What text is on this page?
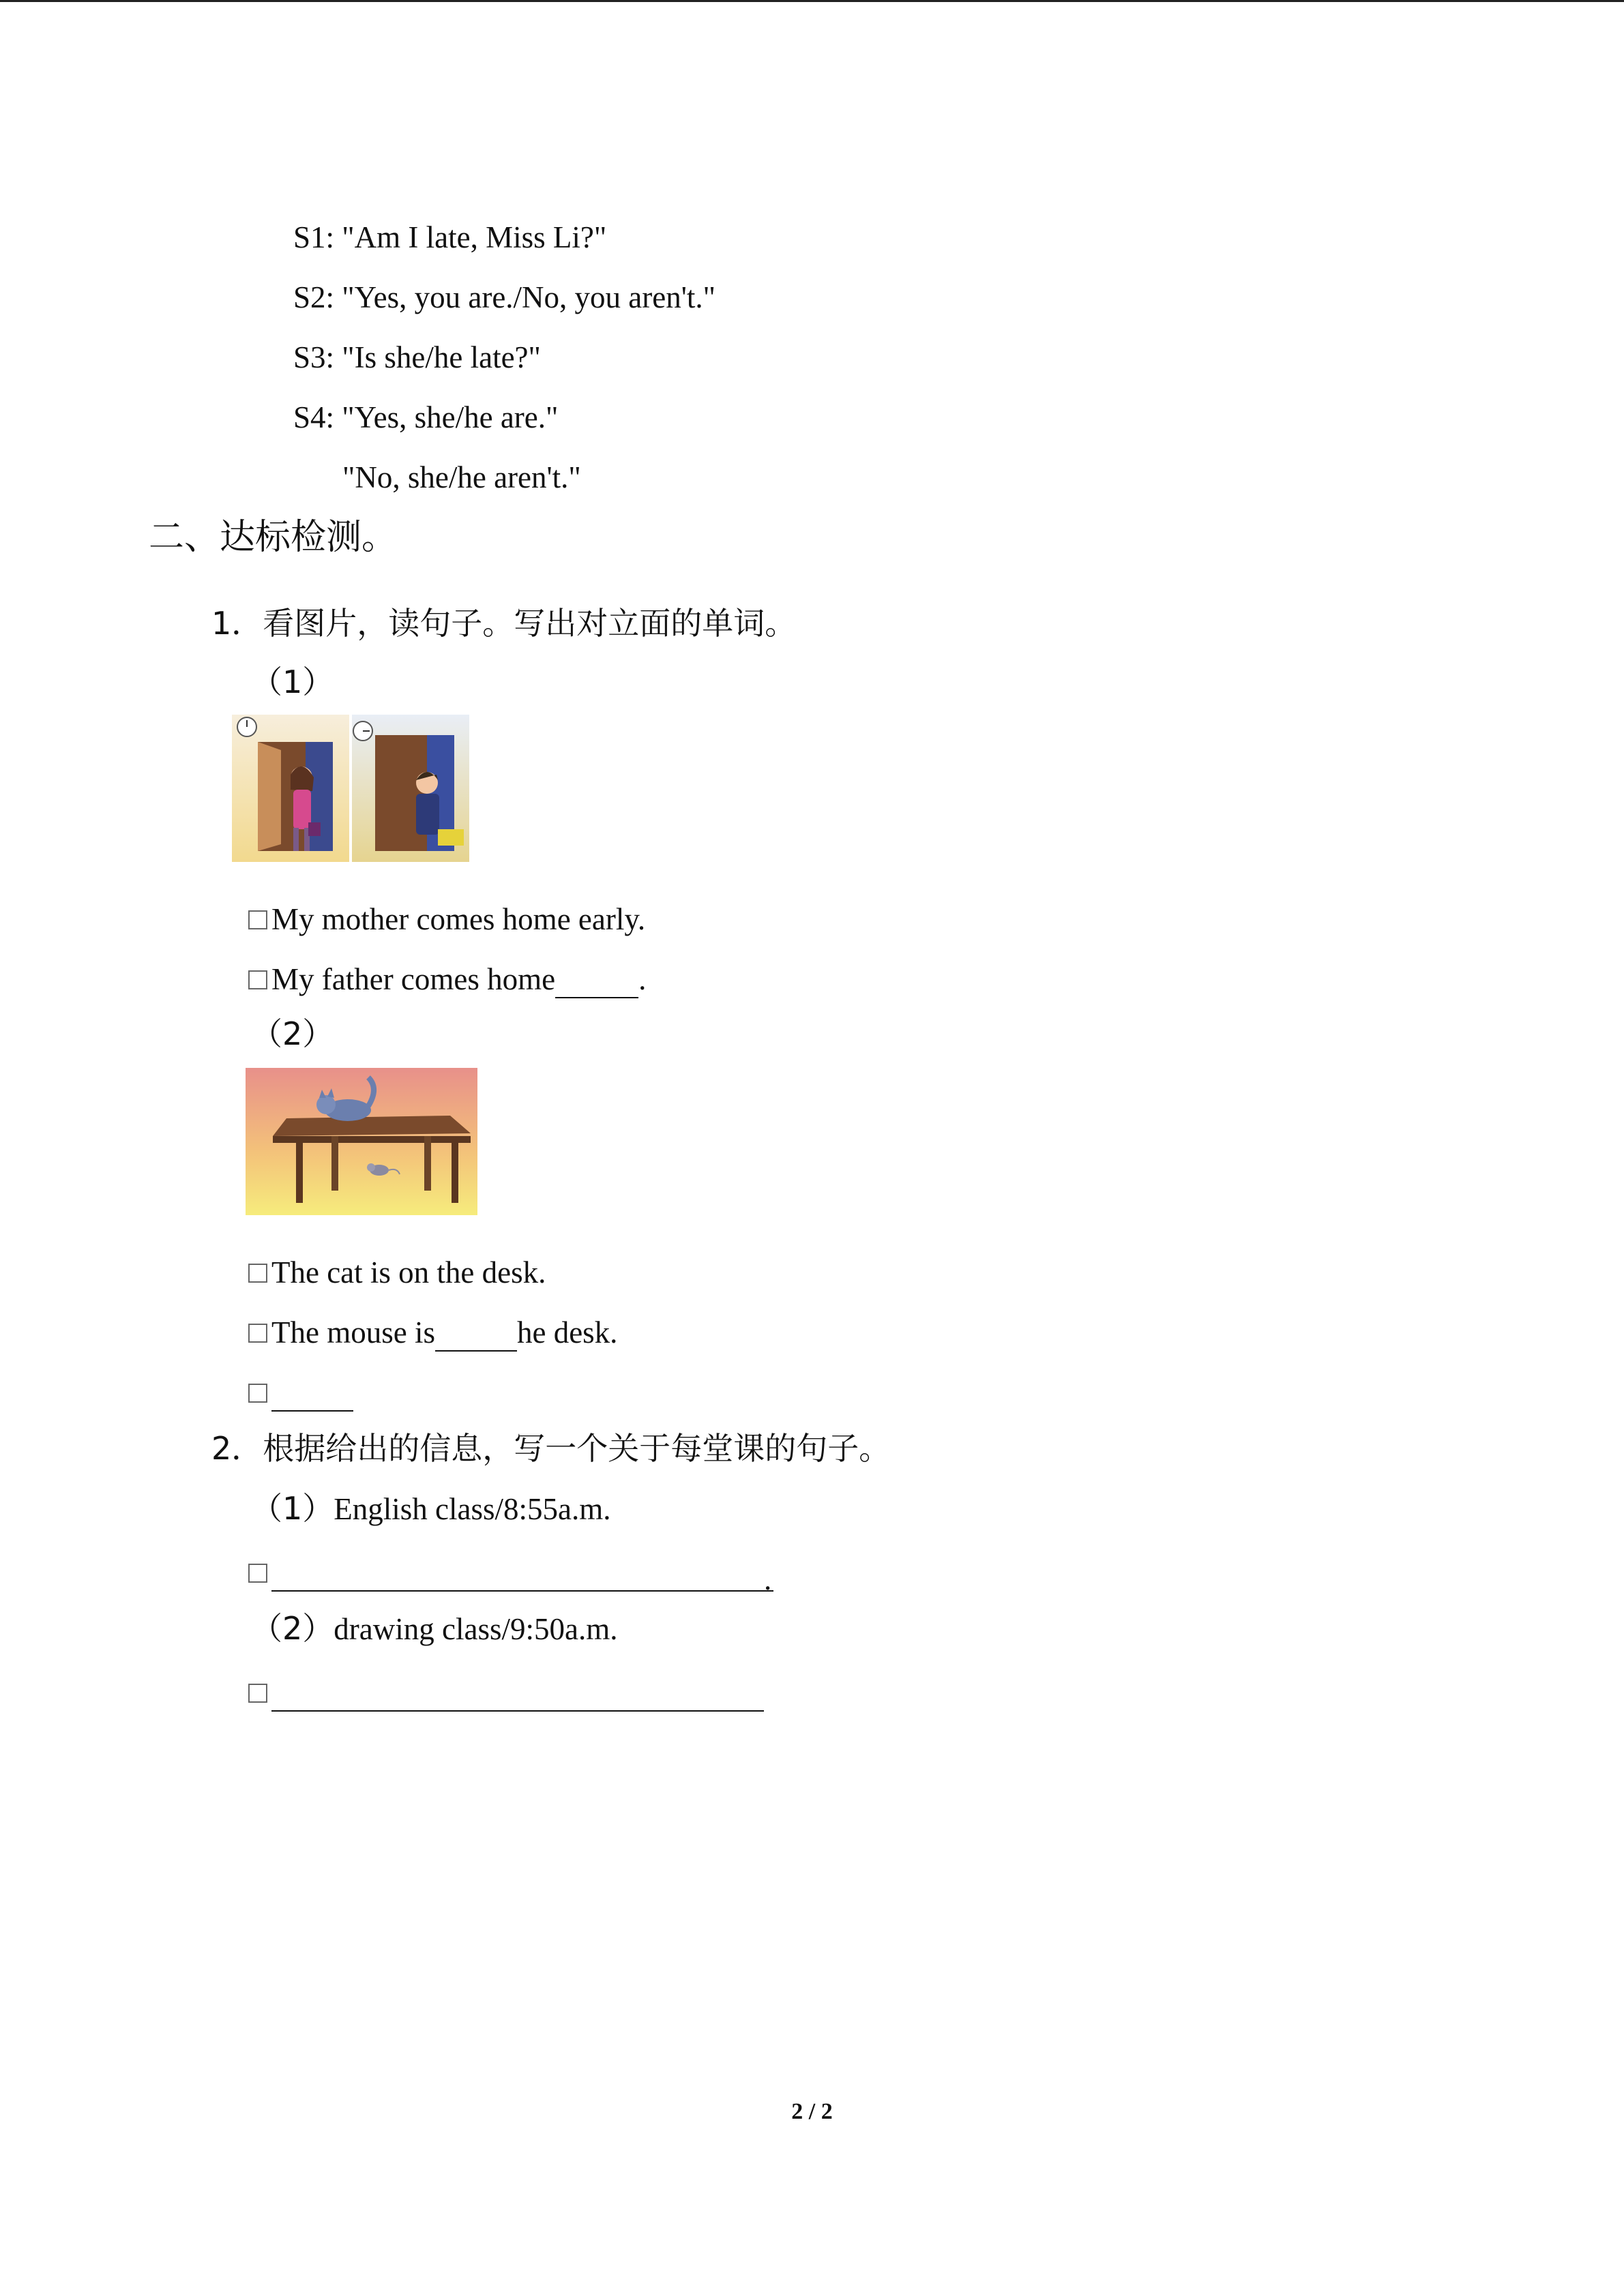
S1: "Am I late, Miss Li?"
S2: "Yes, you are./No, you aren't."
S3: "Is she/he late?"
S4: "Yes, she/he are."
"No, she/he aren't."
二、达标检测。
1．看图片，读句子。写出对立面的单词。
（1）
My mother comes home early.
My father comes home	.
（2）
The cat is on the desk.
The mouse is	he desk.
2．根据给出的信息，写一个关于每堂课的句子。
（1）English class/8:55a.m.
.
（2）drawing class/9:50a.m.
2 / 2
